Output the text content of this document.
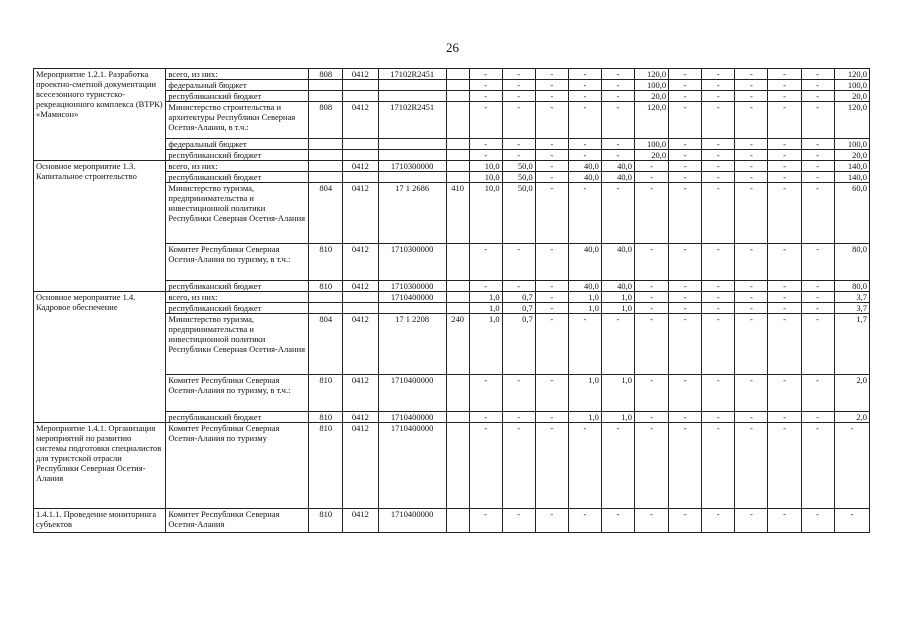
26
Мероприятие 1.2.1. Разработка проектно-сметной документации всесезонного туристско-рекреационного комплекса (ВТРК) «Мамисон»	всего, из них:	808	0412	17102R2451		-	-	-	-	-	120,0	-	-	-	-	-	120,0
	федеральный бюджет					-	-	-	-	-	100,0	-	-	-	-	-	100,0
	республиканский бюджет					-	-	-	-	-	20,0	-	-	-	-	-	20,0
	Министерство строительства и архитектуры Республики Северная Осетия-Алания, в т.ч.:	808	0412	17102R2451		-	-	-	-	-	120,0	-	-	-	-	-	120,0
	федеральный бюджет					-	-	-	-	-	100,0	-	-	-	-	-	100,0
	республиканский бюджет					-	-	-	-	-	20,0	-	-	-	-	-	20,0
Основное мероприятие 1.3. Капитальное строительство	всего, из них:		0412	1710300000		10,0	50,0	-	40,0	40,0	-	-	-	-	-	-	140,0
	республиканский бюджет					10,0	50,0	-	40,0	40,0	-	-	-	-	-	-	140,0
	Министерство туризма, предпринимательства и инвестиционной политики Республики Северная Осетия-Алания	804	0412	17 1 2686	410	10,0	50,0	-	-	-	-	-	-	-	-	-	60,0
	Комитет Республики Северная Осетия-Алания по туризму, в т.ч.:	810	0412	1710300000		-	-	-	40,0	40,0	-	-	-	-	-	-	80,0
	республиканский бюджет	810	0412	1710300000		-	-	-	40,0	40,0	-	-	-	-	-	-	80,0
Основное мероприятие 1.4. Кадровое обеспечение	всего, из них:			1710400000		1,0	0,7	-	1,0	1,0	-	-	-	-	-	-	3,7
	республиканский бюджет					1,0	0,7	-	1,0	1,0	-	-	-	-	-	-	3,7
	Министерство туризма, предпринимательства и инвестиционной политики Республики Северная Осетия-Алания	804	0412	17 1 2208	240	1,0	0,7	-	-	-	-	-	-	-	-	-	1,7
	Комитет Республики Северная Осетия-Алания по туризму, в т.ч.:	810	0412	1710400000		-	-	-	1,0	1,0	-	-	-	-	-	-	2,0
	республиканский бюджет	810	0412	1710400000		-	-	-	1,0	1,0	-	-	-	-	-	-	2,0
Мероприятие 1.4.1. Организация мероприятий по развитию системы подготовки специалистов для туристской отрасли Республики Северная Осетия-Алания	Комитет Республики Северная Осетия-Алания по туризму	810	0412	1710400000		-	-	-	-	-	-	-	-	-	-	-	-
1.4.1.1. Проведение мониторинга субъектов	Комитет Республики Северная Осетия-Алания	810	0412	1710400000		-	-	-	-	-	-	-	-	-	-	-	-
